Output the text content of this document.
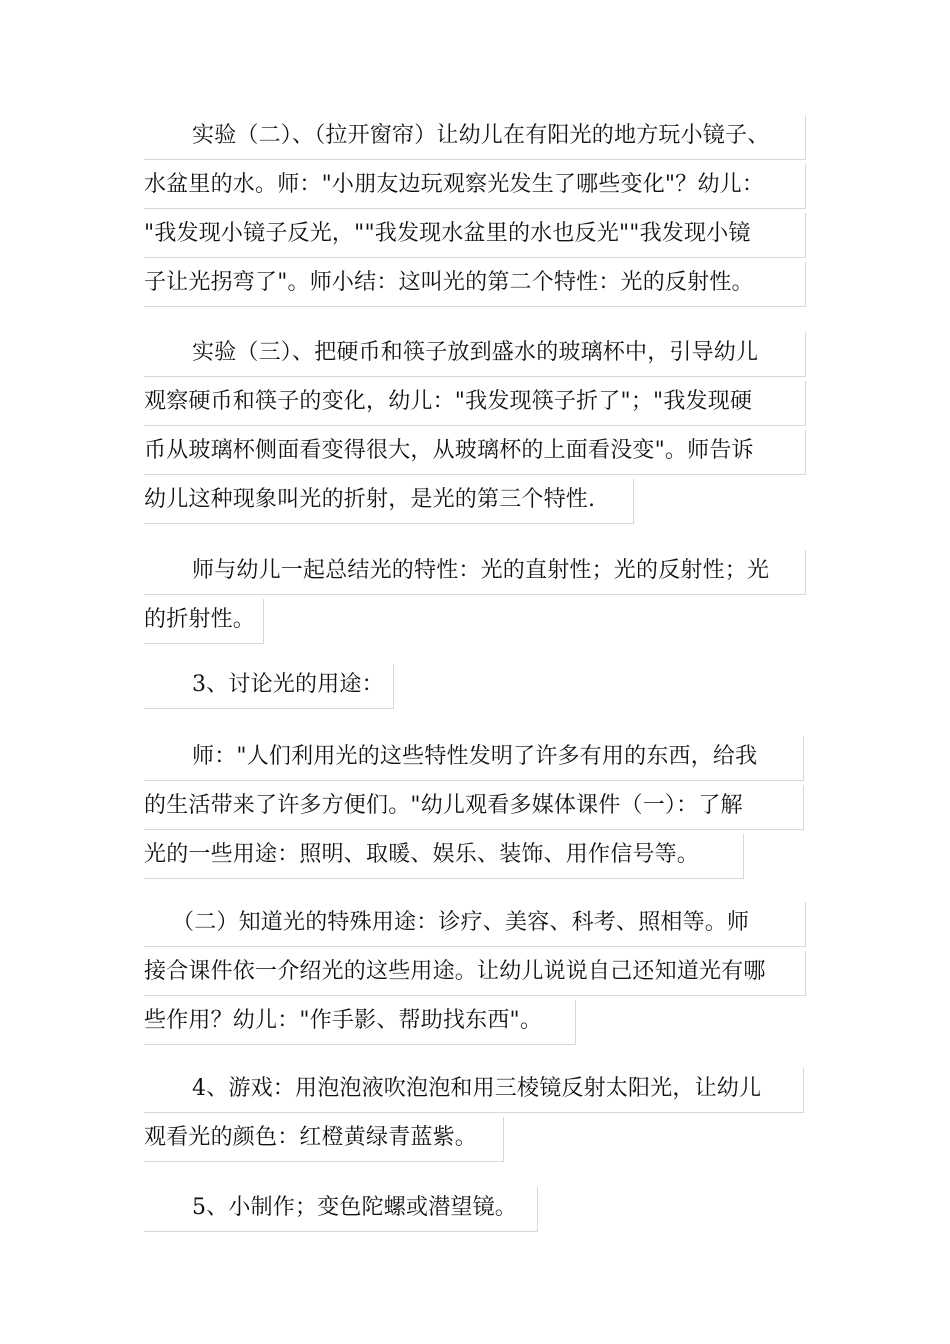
实验（二）、（拉开窗帘）让幼儿在有阳光的地方玩小镜子、
水盆里的水。师："小朋友边玩观察光发生了哪些变化"？幼儿：
"我发现小镜子反光，""我发现水盆里的水也反光""我发现小镜
子让光拐弯了"。师小结：这叫光的第二个特性：光的反射性。
实验（三）、把硬币和筷子放到盛水的玻璃杯中，引导幼儿
观察硬币和筷子的变化，幼儿："我发现筷子折了"；"我发现硬
币从玻璃杯侧面看变得很大，从玻璃杯的上面看没变"。师告诉
幼儿这种现象叫光的折射，是光的第三个特性.
师与幼儿一起总结光的特性：光的直射性；光的反射性；光
的折射性。
3、讨论光的用途：
师："人们利用光的这些特性发明了许多有用的东西，给我
的生活带来了许多方便们。"幼儿观看多媒体课件（一）：了解
光的一些用途：照明、取暖、娱乐、装饰、用作信号等。
（二）知道光的特殊用途：诊疗、美容、科考、照相等。师
接合课件依一介绍光的这些用途。让幼儿说说自己还知道光有哪
些作用？幼儿："作手影、帮助找东西"。
4、游戏：用泡泡液吹泡泡和用三棱镜反射太阳光，让幼儿
观看光的颜色：红橙黄绿青蓝紫。
5、小制作；变色陀螺或潜望镜。
